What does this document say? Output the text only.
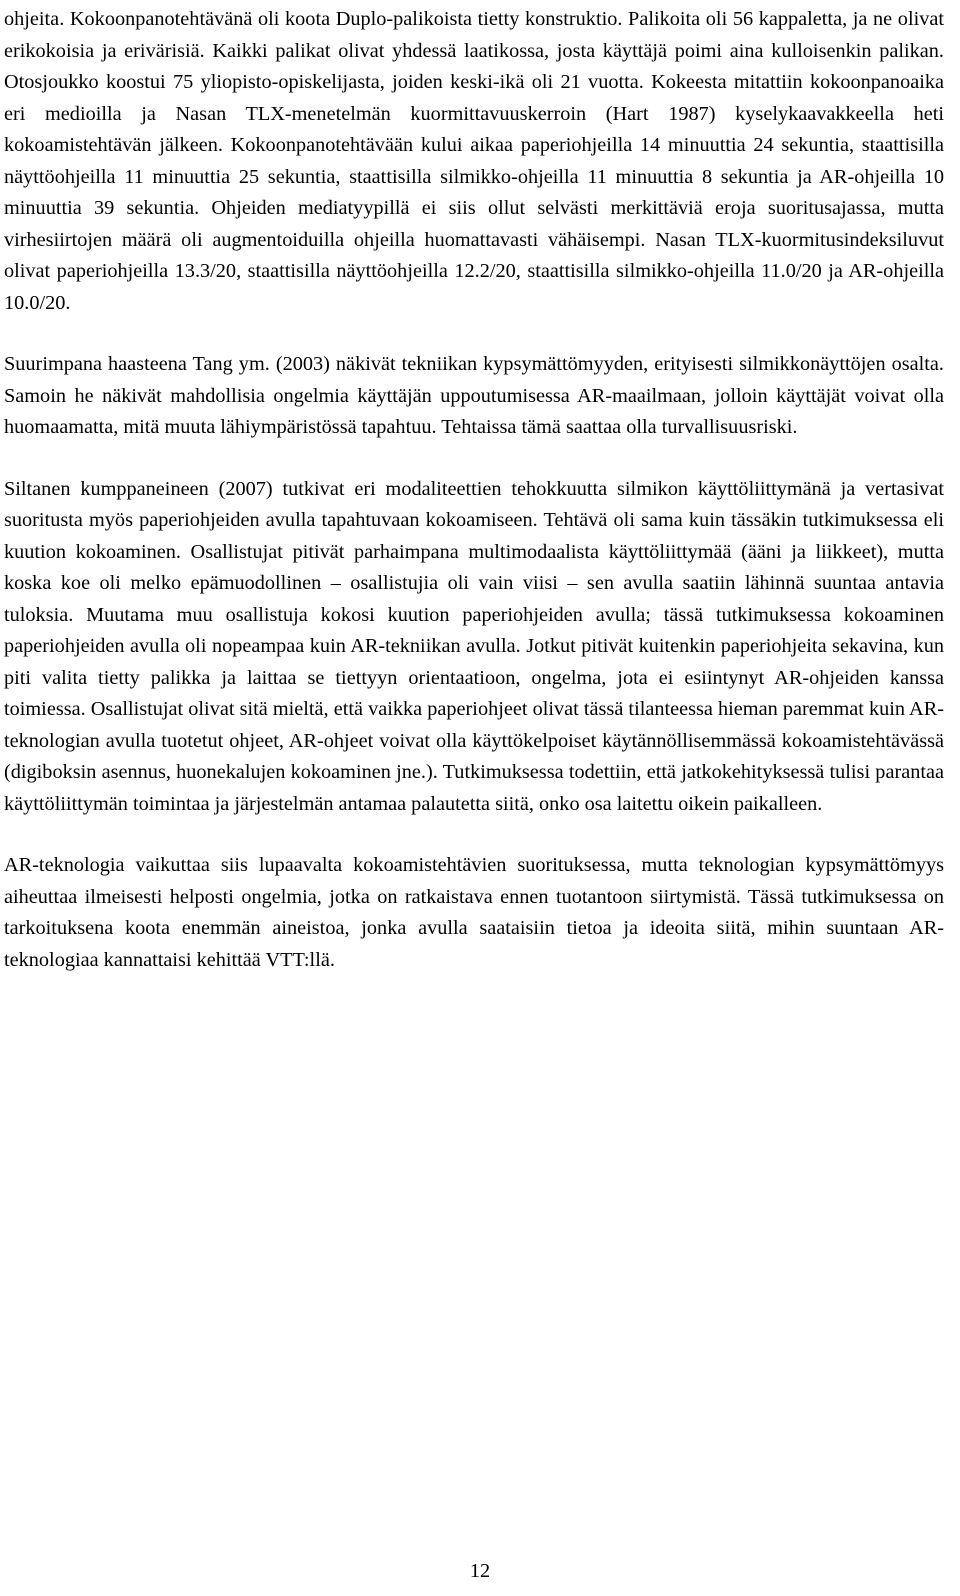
ohjeita. Kokoonpanotehtävänä oli koota Duplo-palikoista tietty konstruktio. Palikoita oli 56 kappaletta, ja ne olivat erikokoisia ja erivärisiä. Kaikki palikat olivat yhdessä laatikossa, josta käyttäjä poimi aina kulloisenkin palikan. Otosjoukko koostui 75 yliopisto-opiskelijasta, joiden keski-ikä oli 21 vuotta. Kokeesta mitattiin kokoonpanoaika eri medioilla ja Nasan TLX-menetelmän kuormittavuuskerroin (Hart 1987) kyselykaavakkeella heti kokoamistehtävän jälkeen. Kokoonpanotehtävään kului aikaa paperiohjeilla 14 minuuttia 24 sekuntia, staattisilla näyttöohjeilla 11 minuuttia 25 sekuntia, staattisilla silmikko-ohjeilla 11 minuuttia 8 sekuntia ja AR-ohjeilla 10 minuuttia 39 sekuntia. Ohjeiden mediatyypillä ei siis ollut selvästi merkittäviä eroja suoritusajassa, mutta virhesiirtojen määrä oli augmentoiduilla ohjeilla huomattavasti vähäisempi. Nasan TLX-kuormitusindeksiluvut olivat paperiohjeilla 13.3/20, staattisilla näyttöohjeilla 12.2/20, staattisilla silmikko-ohjeilla 11.0/20 ja AR-ohjeilla 10.0/20.

Suurimpana haasteena Tang ym. (2003) näkivät tekniikan kypsymättömyyden, erityisesti silmikkonäyttöjen osalta. Samoin he näkivät mahdollisia ongelmia käyttäjän uppoutumisessa AR-maailmaan, jolloin käyttäjät voivat olla huomaamatta, mitä muuta lähiympäristössä tapahtuu. Tehtaissa tämä saattaa olla turvallisuusriski.

Siltanen kumppaneineen (2007) tutkivat eri modaliteettien tehokkuutta silmikon käyttöliittymänä ja vertasivat suoritusta myös paperiohjeiden avulla tapahtuvaan kokoamiseen. Tehtävä oli sama kuin tässäkin tutkimuksessa eli kuution kokoaminen. Osallistujat pitivät parhaimpana multimodaalista käyttöliittymää (ääni ja liikkeet), mutta koska koe oli melko epämuodollinen – osallistujia oli vain viisi – sen avulla saatiin lähinnä suuntaa antavia tuloksia. Muutama muu osallistuja kokosi kuution paperiohjeiden avulla; tässä tutkimuksessa kokoaminen paperiohjeiden avulla oli nopeampaa kuin AR-tekniikan avulla. Jotkut pitivät kuitenkin paperiohjeita sekavina, kun piti valita tietty palikka ja laittaa se tiettyyn orientaatioon, ongelma, jota ei esiintynyt AR-ohjeiden kanssa toimiessa. Osallistujat olivat sitä mieltä, että vaikka paperiohjeet olivat tässä tilanteessa hieman paremmat kuin AR-teknologian avulla tuotetut ohjeet, AR-ohjeet voivat olla käyttökelpoiset käytännöllisemmässä kokoamistehtävässä (digiboksin asennus, huonekalujen kokoaminen jne.). Tutkimuksessa todettiin, että jatkokehityksessä tulisi parantaa käyttöliittymän toimintaa ja järjestelmän antamaa palautetta siitä, onko osa laitettu oikein paikalleen.

AR-teknologia vaikuttaa siis lupaavalta kokoamistehtävien suorituksessa, mutta teknologian kypsymättömyys aiheuttaa ilmeisesti helposti ongelmia, jotka on ratkaistava ennen tuotantoon siirtymistä. Tässä tutkimuksessa on tarkoituksena koota enemmän aineistoa, jonka avulla saataisiin tietoa ja ideoita siitä, mihin suuntaan AR-teknologiaa kannattaisi kehittää VTT:llä.

12
